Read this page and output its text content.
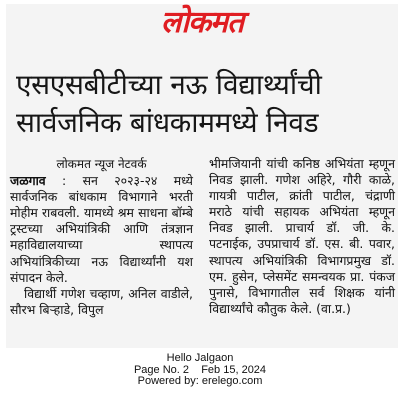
लोकमत
एसएसबीटीच्या नऊ विद्यार्थ्यांची सार्वजनिक बांधकाममध्ये निवड
लोकमत न्यूज नेटवर्क

जळगाव : सन २०२३-२४ मध्ये सार्वजनिक बांधकाम विभागाने भरती मोहीम राबवली. यामध्ये श्रम साधना बॉम्बे ट्रस्टच्या अभियांत्रिकी आणि तंत्रज्ञान महाविद्यालयाच्या स्थापत्य अभियांत्रिकीच्या नऊ विद्यार्थ्यांनी यश संपादन केले.

विद्यार्थी गणेश चव्हाण, अनिल वाडीले, सौरभ बिऱ्हाडे, विपुल

भीमजियानी यांची कनिष्ठ अभियंता म्हणून निवड झाली. गणेश अहिरे, गौरी काळे, गायत्री पाटील, क्रांती पाटील, चंद्राणी मराठे यांची सहायक अभियंता म्हणून निवड झाली. प्राचार्य डॉ. जी. के. पटनाईक, उपप्राचार्य डॉ. एस. बी. पवार, स्थापत्य अभियांत्रिकी विभागप्रमुख डॉ. एम. हुसेन, प्लेसमेंट समन्वयक प्रा. पंकज पुनासे, विभागातील सर्व शिक्षक यांनी विद्यार्थ्यांचे कौतुक केले. (वा.प्र.)

Hello Jalgaon
Page No. 2    Feb 15, 2024
Powered by: erelego.com
